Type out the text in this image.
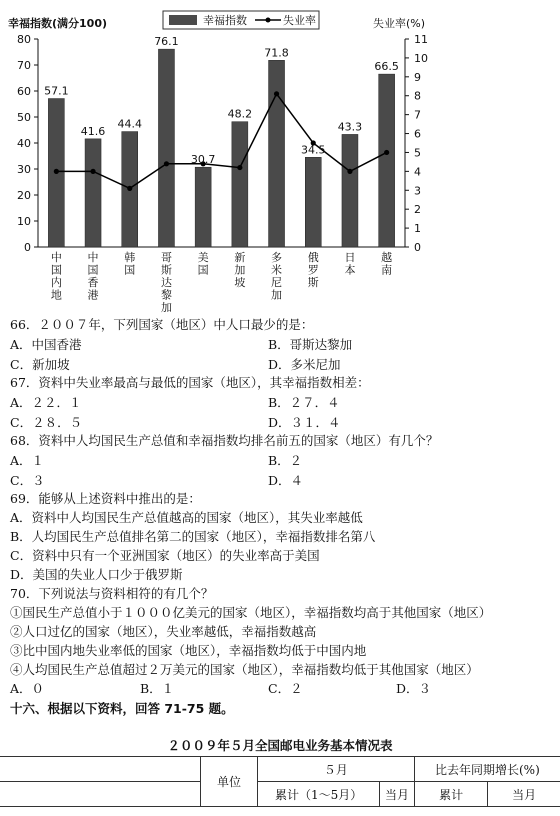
幸福指数(满分100)	失业率(%)
幸福指数	失业率
0
10
20
30
40
50
60
70
80
0
1
2
3
4
5
6
7
8
9
10
11
57.1
41.6
44.4
76.1
30.7
48.2
71.8
34.5
43.3
66.5
中
国
内
地
中
国
香
港
韩
国
哥
斯
达
黎
加
美
国
新
加
坡
多
米
尼
加
俄
罗
斯
日
本
越
南
66．２００７年，下列国家（地区）中人口最少的是：
A．中国香港	B．哥斯达黎加
C．新加坡	D．多米尼加
67．资料中失业率最高与最低的国家（地区），其幸福指数相差：
A．２２．１	B．２７．４
C．２８．５	D．３１．４
68．资料中人均国民生产总值和幸福指数均排名前五的国家（地区）有几个？
A．１	B．２
C．３	D．４
69．能够从上述资料中推出的是：
A．资料中人均国民生产总值越高的国家（地区），其失业率越低
B．人均国民生产总值排名第二的国家（地区），幸福指数排名第八
C．资料中只有一个亚洲国家（地区）的失业率高于美国
D．美国的失业人口少于俄罗斯
70．下列说法与资料相符的有几个？
①国民生产总值小于１０００亿美元的国家（地区），幸福指数均高于其他国家（地区）
②人口过亿的国家（地区），失业率越低，幸福指数越高
③比中国内地失业率低的国家（地区），幸福指数均低于中国内地
④人均国民生产总值超过２万美元的国家（地区），幸福指数均低于其他国家（地区）
A．０	B．１	C．２	D．３
十六、根据以下资料，回答 71-75 题。
２００９年５月全国邮电业务基本情况表
	单位	５月		比去年同期增长(%)	
		累计（1～5月）	当月	累计	当月
